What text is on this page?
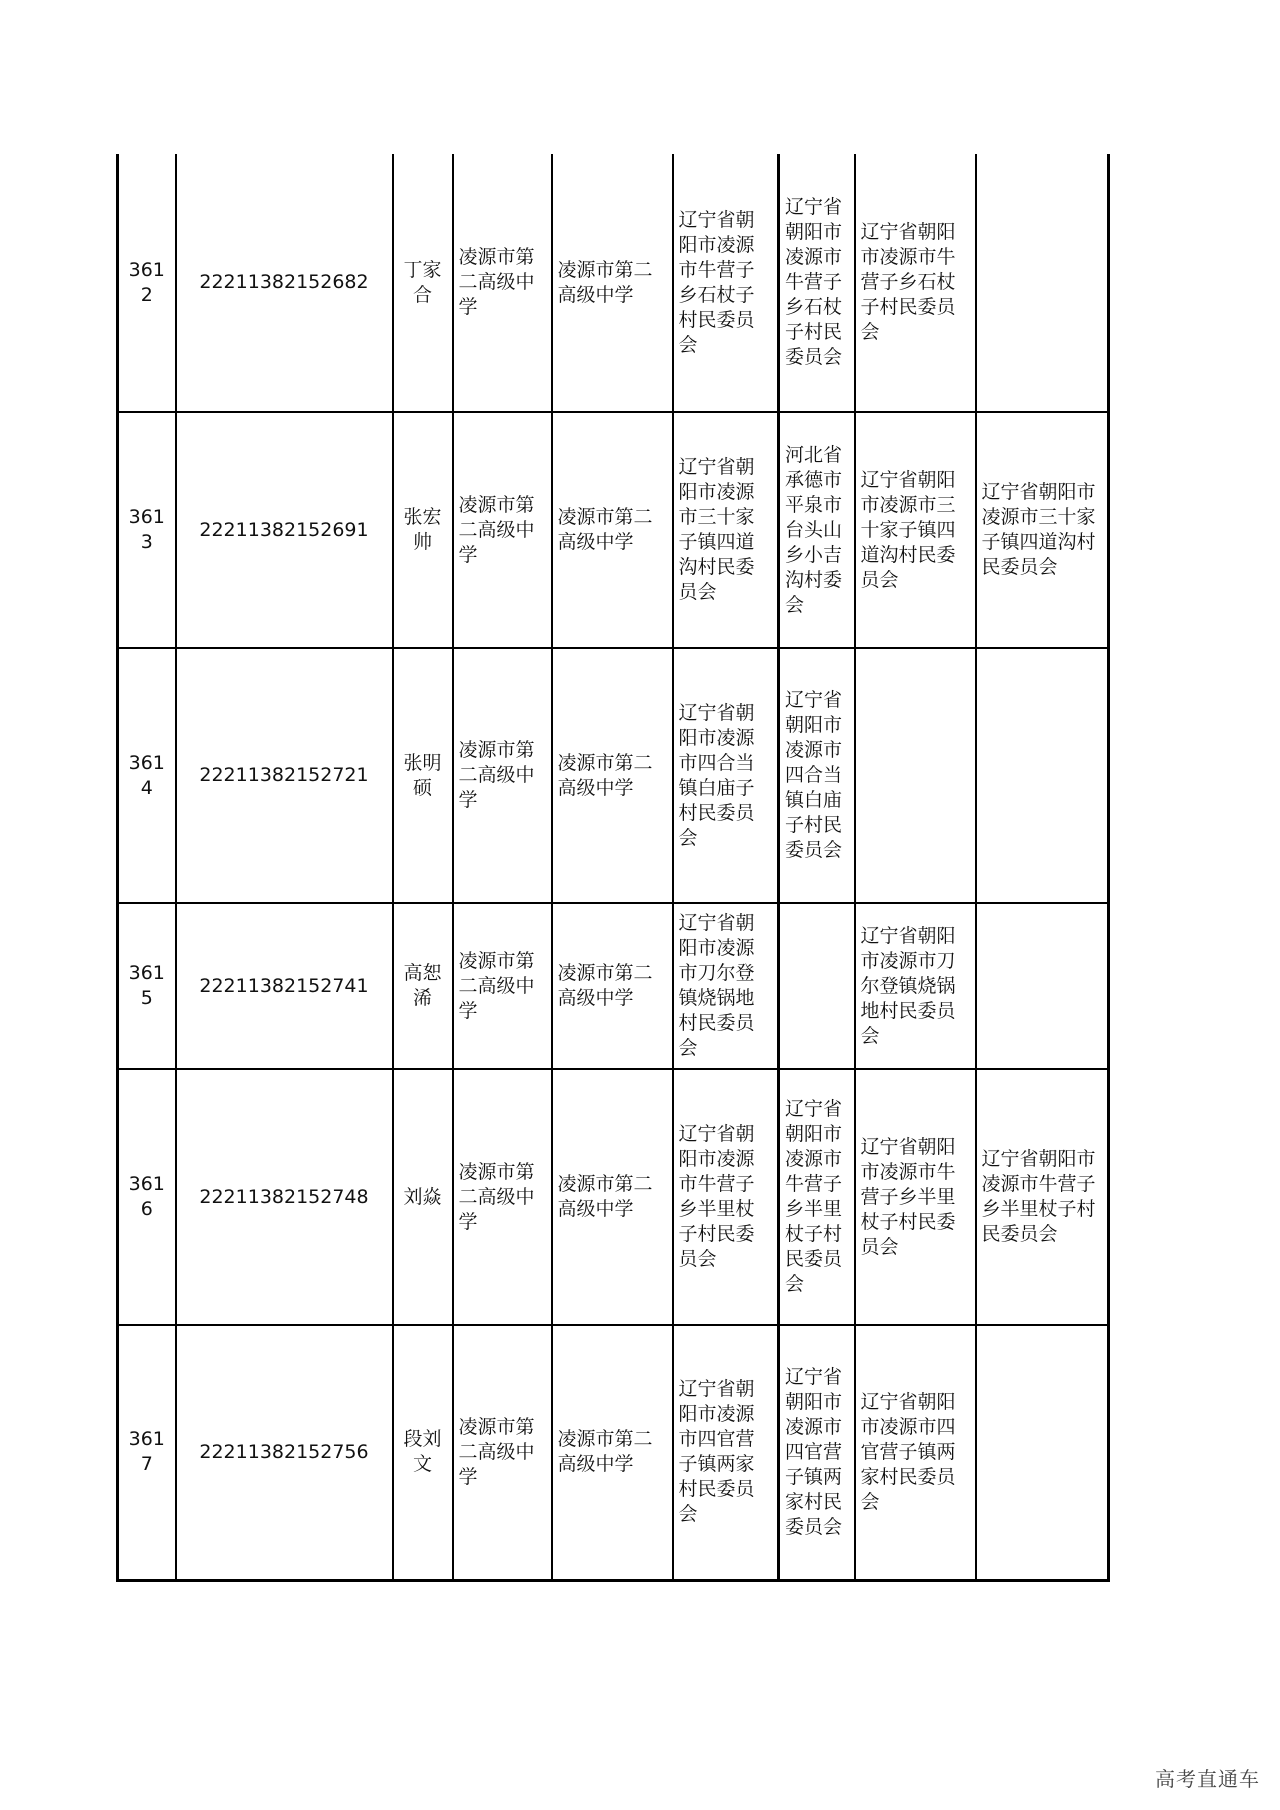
3612	22211382152682	丁家合	凌源市第二高级中学	凌源市第二高级中学	辽宁省朝阳市凌源市牛营子乡石杖子村民委员会	辽宁省朝阳市凌源市牛营子乡石杖子村民委员会	辽宁省朝阳市凌源市牛营子乡石杖子村民委员会	
3613	22211382152691	张宏帅	凌源市第二高级中学	凌源市第二高级中学	辽宁省朝阳市凌源市三十家子镇四道沟村民委员会	河北省承德市平泉市台头山乡小吉沟村委会	辽宁省朝阳市凌源市三十家子镇四道沟村民委员会	辽宁省朝阳市凌源市三十家子镇四道沟村民委员会
3614	22211382152721	张明硕	凌源市第二高级中学	凌源市第二高级中学	辽宁省朝阳市凌源市四合当镇白庙子村民委员会	辽宁省朝阳市凌源市四合当镇白庙子村民委员会		
3615	22211382152741	高恕浠	凌源市第二高级中学	凌源市第二高级中学	辽宁省朝阳市凌源市刀尔登镇烧锅地村民委员会		辽宁省朝阳市凌源市刀尔登镇烧锅地村民委员会	
3616	22211382152748	刘焱	凌源市第二高级中学	凌源市第二高级中学	辽宁省朝阳市凌源市牛营子乡半里杖子村民委员会	辽宁省朝阳市凌源市牛营子乡半里杖子村民委员会	辽宁省朝阳市凌源市牛营子乡半里杖子村民委员会	辽宁省朝阳市凌源市牛营子乡半里杖子村民委员会
3617	22211382152756	段刘文	凌源市第二高级中学	凌源市第二高级中学	辽宁省朝阳市凌源市四官营子镇两家村民委员会	辽宁省朝阳市凌源市四官营子镇两家村民委员会	辽宁省朝阳市凌源市四官营子镇两家村民委员会	
高考直通车
